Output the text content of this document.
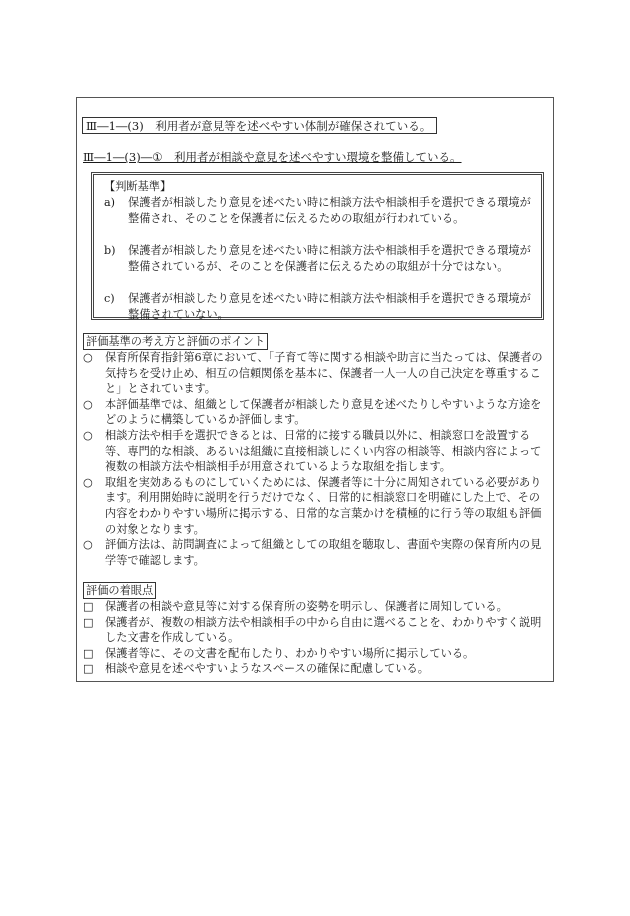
Ⅲ―1―(3)　利用者が意見等を述べやすい体制が確保されている。
Ⅲ―1―(3)―①　利用者が相談や意見を述べやすい環境を整備している。
【判断基準】
a)	保護者が相談したり意見を述べたい時に相談方法や相談相手を選択できる環境が整備され、そのことを保護者に伝えるための取組が行われている。
b)	保護者が相談したり意見を述べたい時に相談方法や相談相手を選択できる環境が整備されているが、そのことを保護者に伝えるための取組が十分ではない。
c)	保護者が相談したり意見を述べたい時に相談方法や相談相手を選択できる環境が整備されていない。
評価基準の考え方と評価のポイント
○	保育所保育指針第6章において、「子育て等に関する相談や助言に当たっては、保護者の気持ちを受け止め、相互の信頼関係を基本に、保護者一人一人の自己決定を尊重すること」とされています。
○	本評価基準では、組織として保護者が相談したり意見を述べたりしやすいような方途をどのように構築しているか評価します。
○	相談方法や相手を選択できるとは、日常的に接する職員以外に、相談窓口を設置する等、専門的な相談、あるいは組織に直接相談しにくい内容の相談等、相談内容によって複数の相談方法や相談相手が用意されているような取組を指します。
○	取組を実効あるものにしていくためには、保護者等に十分に周知されている必要があります。利用開始時に説明を行うだけでなく、日常的に相談窓口を明確にした上で、その内容をわかりやすい場所に掲示する、日常的な言葉かけを積極的に行う等の取組も評価の対象となります。
○	評価方法は、訪問調査によって組織としての取組を聴取し、書面や実際の保育所内の見学等で確認します。
評価の着眼点
□	保護者の相談や意見等に対する保育所の姿勢を明示し、保護者に周知している。
□	保護者が、複数の相談方法や相談相手の中から自由に選べることを、わかりやすく説明した文書を作成している。
□	保護者等に、その文書を配布したり、わかりやすい場所に掲示している。
□	相談や意見を述べやすいようなスペースの確保に配慮している。
